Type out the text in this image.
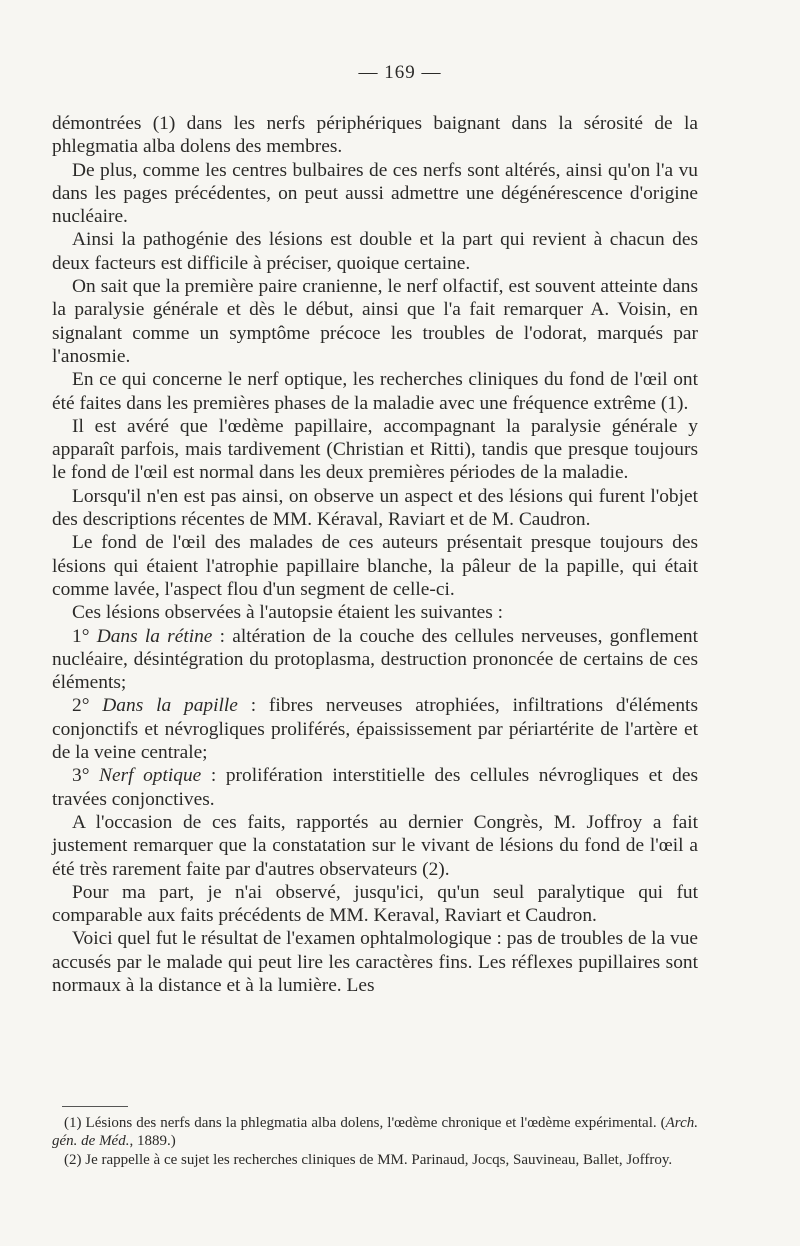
— 169 —

démontrées (1) dans les nerfs périphériques baignant dans la sérosité de la phlegmatia alba dolens des membres.

De plus, comme les centres bulbaires de ces nerfs sont altérés, ainsi qu'on l'a vu dans les pages précédentes, on peut aussi admettre une dégénérescence d'origine nucléaire.

Ainsi la pathogénie des lésions est double et la part qui revient à chacun des deux facteurs est difficile à préciser, quoique certaine.

On sait que la première paire cranienne, le nerf olfactif, est souvent atteinte dans la paralysie générale et dès le début, ainsi que l'a fait remarquer A. Voisin, en signalant comme un symptôme précoce les troubles de l'odorat, marqués par l'anosmie.

En ce qui concerne le nerf optique, les recherches cliniques du fond de l'œil ont été faites dans les premières phases de la maladie avec une fréquence extrême (1).

Il est avéré que l'œdème papillaire, accompagnant la paralysie générale y apparaît parfois, mais tardivement (Christian et Ritti), tandis que presque toujours le fond de l'œil est normal dans les deux premières périodes de la maladie.

Lorsqu'il n'en est pas ainsi, on observe un aspect et des lésions qui furent l'objet des descriptions récentes de MM. Kéraval, Raviart et de M. Caudron.

Le fond de l'œil des malades de ces auteurs présentait presque toujours des lésions qui étaient l'atrophie papillaire blanche, la pâleur de la papille, qui était comme lavée, l'aspect flou d'un segment de celle-ci.

Ces lésions observées à l'autopsie étaient les suivantes :

1° Dans la rétine : altération de la couche des cellules nerveuses, gonflement nucléaire, désintégration du protoplasma, destruction prononcée de certains de ces éléments;

2° Dans la papille : fibres nerveuses atrophiées, infiltrations d'éléments conjonctifs et névrogliques proliférés, épaississement par périartérite de l'artère et de la veine centrale;

3° Nerf optique : prolifération interstitielle des cellules névrogliques et des travées conjonctives.

A l'occasion de ces faits, rapportés au dernier Congrès, M. Joffroy a fait justement remarquer que la constatation sur le vivant de lésions du fond de l'œil a été très rarement faite par d'autres observateurs (2).

Pour ma part, je n'ai observé, jusqu'ici, qu'un seul paralytique qui fut comparable aux faits précédents de MM. Keraval, Raviart et Caudron.

Voici quel fut le résultat de l'examen ophtalmologique : pas de troubles de la vue accusés par le malade qui peut lire les caractères fins. Les réflexes pupillaires sont normaux à la distance et à la lumière. Les

(1) Lésions des nerfs dans la phlegmatia alba dolens, l'œdème chronique et l'œdème expérimental. (Arch. gén. de Méd., 1889.)

(2) Je rappelle à ce sujet les recherches cliniques de MM. Parinaud, Jocqs, Sauvineau, Ballet, Joffroy.
